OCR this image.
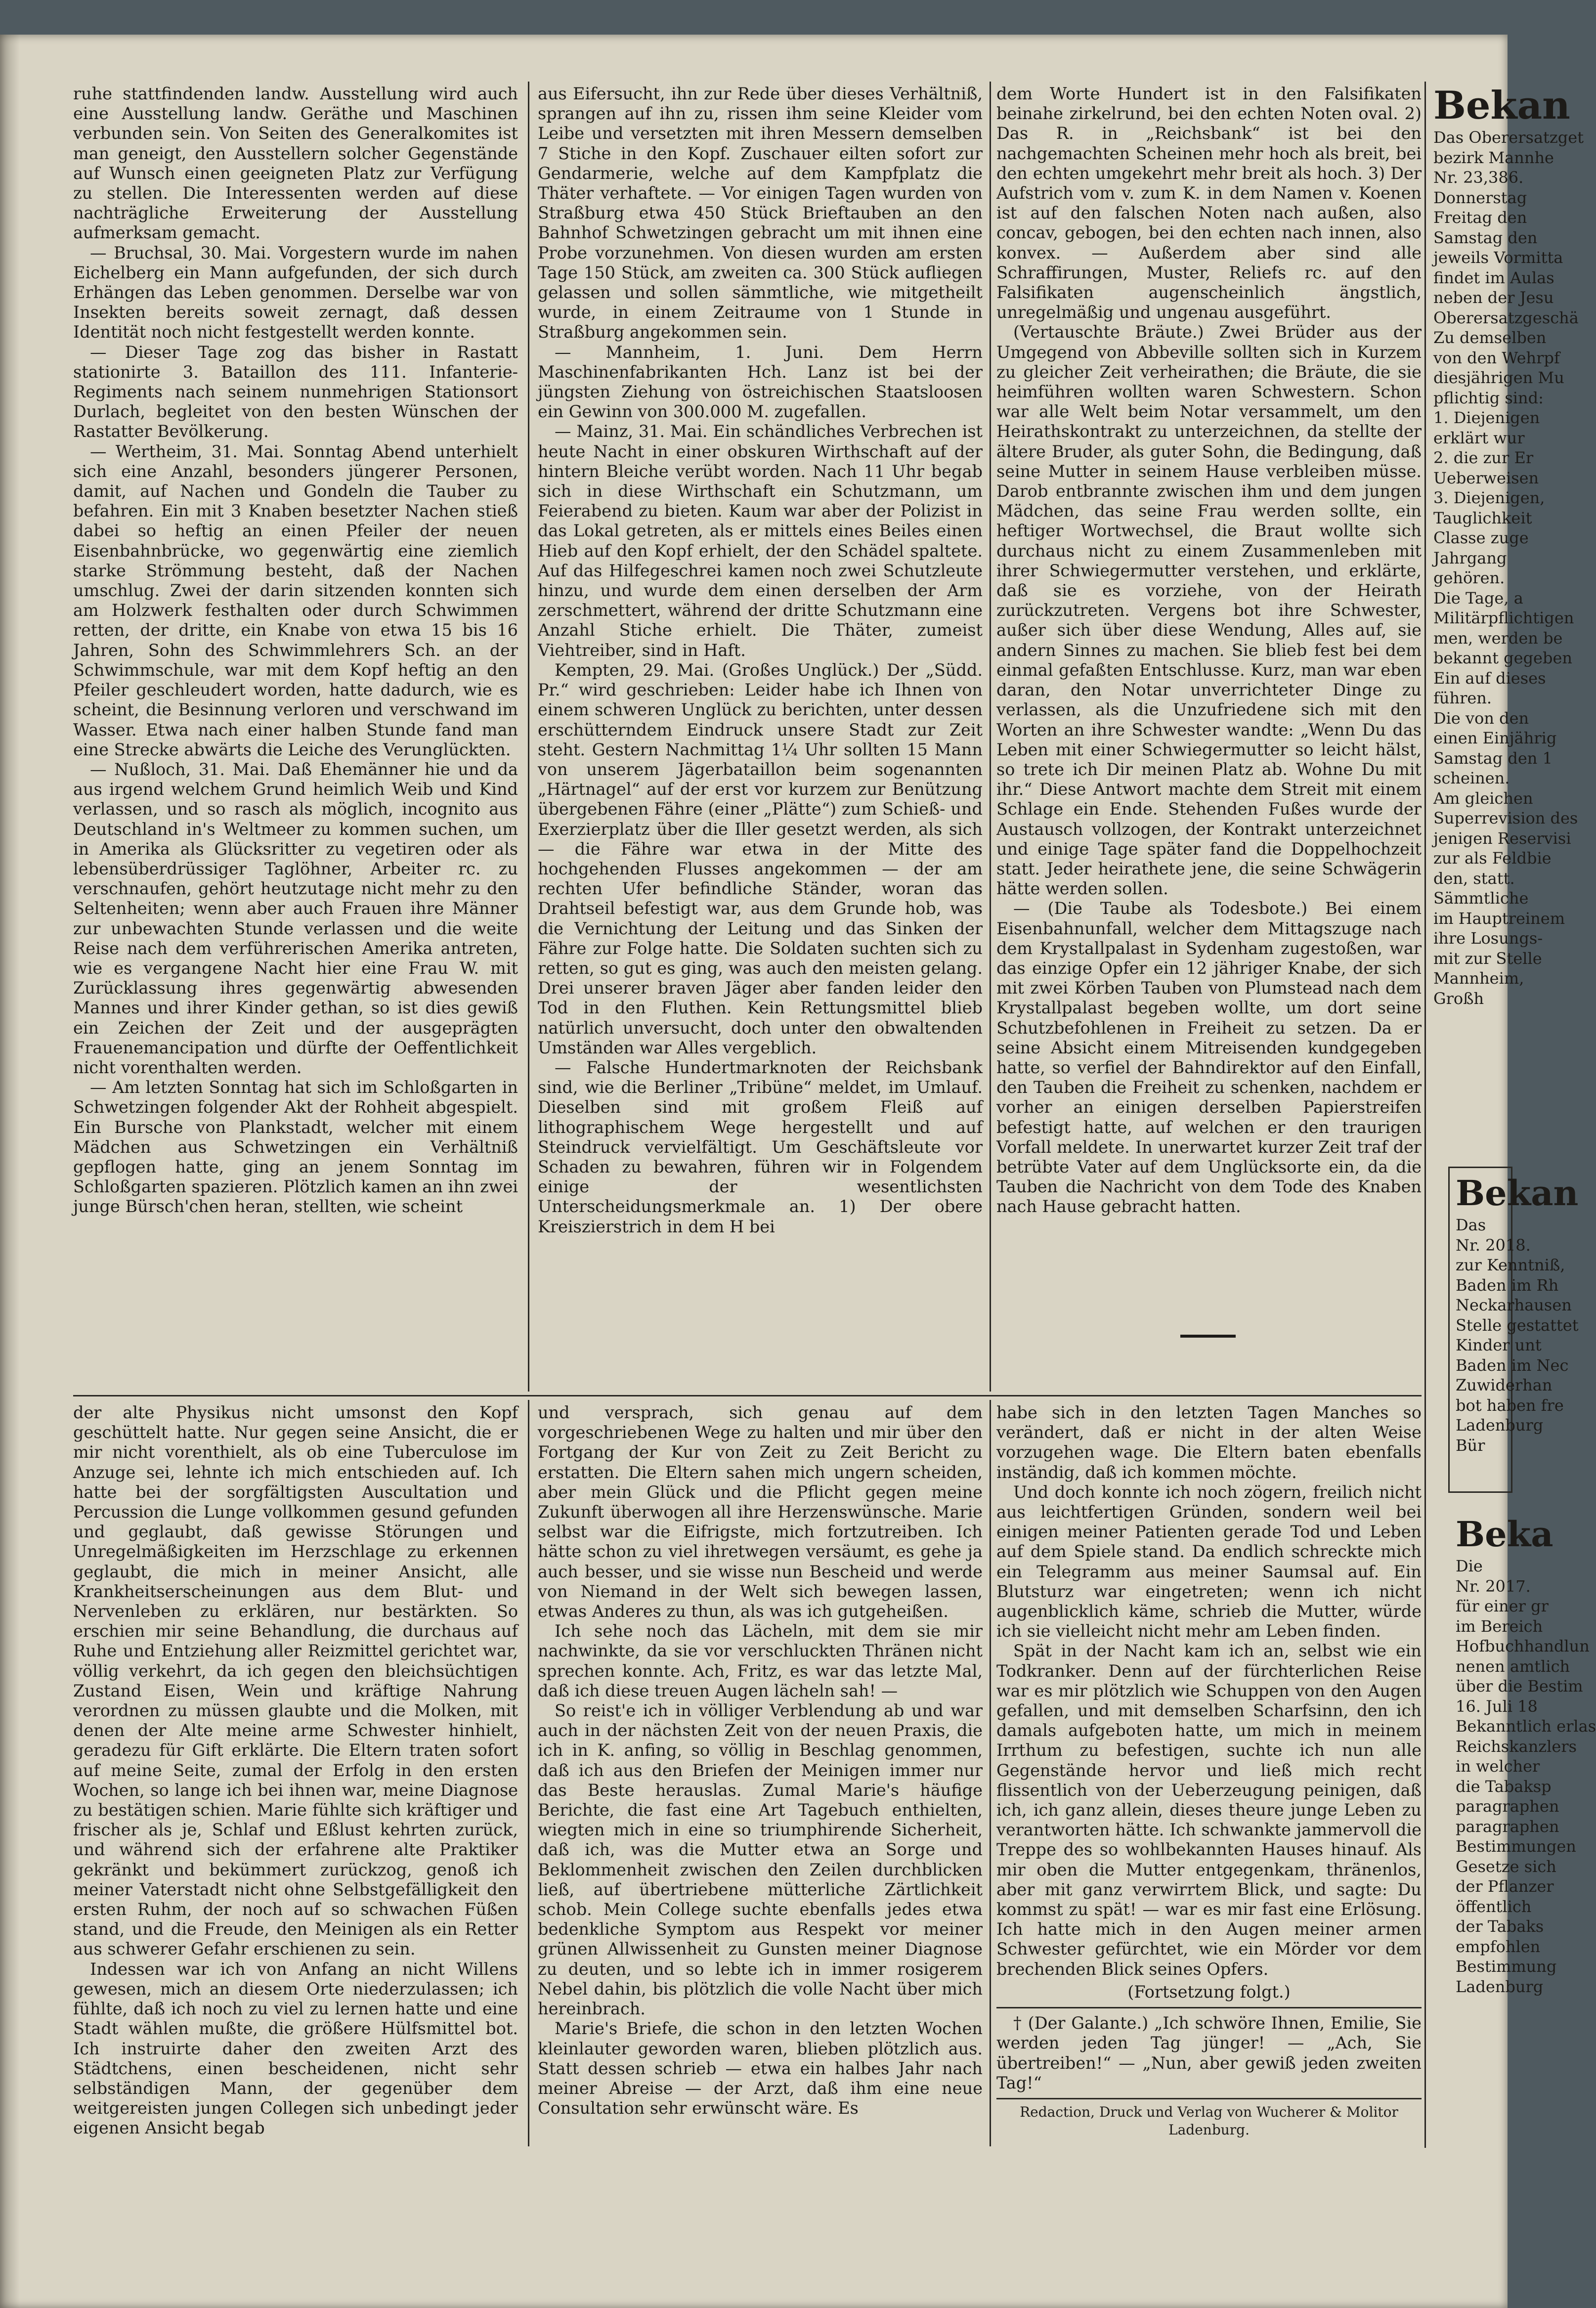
ruhe stattfindenden landw. Ausstellung wird auch eine Ausstellung landw. Geräthe und Maschinen verbunden sein. Von Seiten des Generalkomites ist man geneigt, den Ausstellern solcher Gegenstände auf Wunsch einen geeigneten Platz zur Verfügung zu stellen. Die Interessenten werden auf diese nachträgliche Erweiterung der Ausstellung aufmerksam gemacht.

— Bruchsal, 30. Mai. Vorgestern wurde im nahen Eichelberg ein Mann aufgefunden, der sich durch Erhängen das Leben genommen. Derselbe war von Insekten bereits soweit zernagt, daß dessen Identität noch nicht festgestellt werden konnte.

— Dieser Tage zog das bisher in Rastatt stationirte 3. Bataillon des 111. Infanterie-Regiments nach seinem nunmehrigen Stationsort Durlach, begleitet von den besten Wünschen der Rastatter Bevölkerung.

— Wertheim, 31. Mai. Sonntag Abend unterhielt sich eine Anzahl, besonders jüngerer Personen, damit, auf Nachen und Gondeln die Tauber zu befahren. Ein mit 3 Knaben besetzter Nachen stieß dabei so heftig an einen Pfeiler der neuen Eisenbahnbrücke, wo gegenwärtig eine ziemlich starke Strömmung besteht, daß der Nachen umschlug. Zwei der darin sitzenden konnten sich am Holzwerk festhalten oder durch Schwimmen retten, der dritte, ein Knabe von etwa 15 bis 16 Jahren, Sohn des Schwimmlehrers Sch. an der Schwimmschule, war mit dem Kopf heftig an den Pfeiler geschleudert worden, hatte dadurch, wie es scheint, die Besinnung verloren und verschwand im Wasser. Etwa nach einer halben Stunde fand man eine Strecke abwärts die Leiche des Verunglückten.

— Nußloch, 31. Mai. Daß Ehemänner hie und da aus irgend welchem Grund heimlich Weib und Kind verlassen, und so rasch als möglich, incognito aus Deutschland in's Weltmeer zu kommen suchen, um in Amerika als Glücksritter zu vegetiren oder als lebensüberdrüssiger Taglöhner, Arbeiter rc. zu verschnaufen, gehört heutzutage nicht mehr zu den Seltenheiten; wenn aber auch Frauen ihre Männer zur unbewachten Stunde verlassen und die weite Reise nach dem verführerischen Amerika antreten, wie es vergangene Nacht hier eine Frau W. mit Zurücklassung ihres gegenwärtig abwesenden Mannes und ihrer Kinder gethan, so ist dies gewiß ein Zeichen der Zeit und der ausgeprägten Frauenemancipation und dürfte der Oeffentlichkeit nicht vorenthalten werden.

— Am letzten Sonntag hat sich im Schloßgarten in Schwetzingen folgender Akt der Rohheit abgespielt. Ein Bursche von Plankstadt, welcher mit einem Mädchen aus Schwetzingen ein Verhältniß gepflogen hatte, ging an jenem Sonntag im Schloßgarten spazieren. Plötzlich kamen an ihn zwei junge Bürsch'chen heran, stellten, wie scheint

aus Eifersucht, ihn zur Rede über dieses Verhältniß, sprangen auf ihn zu, rissen ihm seine Kleider vom Leibe und versetzten mit ihren Messern demselben 7 Stiche in den Kopf. Zuschauer eilten sofort zur Gendarmerie, welche auf dem Kampfplatz die Thäter verhaftete. — Vor einigen Tagen wurden von Straßburg etwa 450 Stück Brieftauben an den Bahnhof Schwetzingen gebracht um mit ihnen eine Probe vorzunehmen. Von diesen wurden am ersten Tage 150 Stück, am zweiten ca. 300 Stück aufliegen gelassen und sollen sämmtliche, wie mitgetheilt wurde, in einem Zeitraume von 1 Stunde in Straßburg angekommen sein.

— Mannheim, 1. Juni. Dem Herrn Maschinenfabrikanten Hch. Lanz ist bei der jüngsten Ziehung von östreichischen Staatsloosen ein Gewinn von 300.000 M. zugefallen.

— Mainz, 31. Mai. Ein schändliches Verbrechen ist heute Nacht in einer obskuren Wirthschaft auf der hintern Bleiche verübt worden. Nach 11 Uhr begab sich in diese Wirthschaft ein Schutzmann, um Feierabend zu bieten. Kaum war aber der Polizist in das Lokal getreten, als er mittels eines Beiles einen Hieb auf den Kopf erhielt, der den Schädel spaltete. Auf das Hilfegeschrei kamen noch zwei Schutzleute hinzu, und wurde dem einen derselben der Arm zerschmettert, während der dritte Schutzmann eine Anzahl Stiche erhielt. Die Thäter, zumeist Viehtreiber, sind in Haft.

Kempten, 29. Mai. (Großes Unglück.) Der „Südd. Pr.“ wird geschrieben: Leider habe ich Ihnen von einem schweren Unglück zu berichten, unter dessen erschütterndem Eindruck unsere Stadt zur Zeit steht. Gestern Nachmittag 1¼ Uhr sollten 15 Mann von unserem Jägerbataillon beim sogenannten „Härtnagel“ auf der erst vor kurzem zur Benützung übergebenen Fähre (einer „Plätte“) zum Schieß- und Exerzierplatz über die Iller gesetzt werden, als sich — die Fähre war etwa in der Mitte des hochgehenden Flusses angekommen — der am rechten Ufer befindliche Ständer, woran das Drahtseil befestigt war, aus dem Grunde hob, was die Vernichtung der Leitung und das Sinken der Fähre zur Folge hatte. Die Soldaten suchten sich zu retten, so gut es ging, was auch den meisten gelang. Drei unserer braven Jäger aber fanden leider den Tod in den Fluthen. Kein Rettungsmittel blieb natürlich unversucht, doch unter den obwaltenden Umständen war Alles vergeblich.

— Falsche Hundertmarknoten der Reichsbank sind, wie die Berliner „Tribüne“ meldet, im Umlauf. Dieselben sind mit großem Fleiß auf lithographischem Wege hergestellt und auf Steindruck vervielfältigt. Um Geschäftsleute vor Schaden zu bewahren, führen wir in Folgendem einige der wesentlichsten Unterscheidungsmerkmale an. 1) Der obere Kreiszierstrich in dem H bei

dem Worte Hundert ist in den Falsifikaten beinahe zirkelrund, bei den echten Noten oval. 2) Das R. in „Reichsbank“ ist bei den nachgemachten Scheinen mehr hoch als breit, bei den echten umgekehrt mehr breit als hoch. 3) Der Aufstrich vom v. zum K. in dem Namen v. Koenen ist auf den falschen Noten nach außen, also concav, gebogen, bei den echten nach innen, also konvex. — Außerdem aber sind alle Schraffirungen, Muster, Reliefs rc. auf den Falsifikaten augenscheinlich ängstlich, unregelmäßig und ungenau ausgeführt.

(Vertauschte Bräute.) Zwei Brüder aus der Umgegend von Abbeville sollten sich in Kurzem zu gleicher Zeit verheirathen; die Bräute, die sie heimführen wollten waren Schwestern. Schon war alle Welt beim Notar versammelt, um den Heirathskontrakt zu unterzeichnen, da stellte der ältere Bruder, als guter Sohn, die Bedingung, daß seine Mutter in seinem Hause verbleiben müsse. Darob entbrannte zwischen ihm und dem jungen Mädchen, das seine Frau werden sollte, ein heftiger Wortwechsel, die Braut wollte sich durchaus nicht zu einem Zusammenleben mit ihrer Schwiegermutter verstehen, und erklärte, daß sie es vorziehe, von der Heirath zurückzutreten. Vergens bot ihre Schwester, außer sich über diese Wendung, Alles auf, sie andern Sinnes zu machen. Sie blieb fest bei dem einmal gefaßten Entschlusse. Kurz, man war eben daran, den Notar unverrichteter Dinge zu verlassen, als die Unzufriedene sich mit den Worten an ihre Schwester wandte: „Wenn Du das Leben mit einer Schwiegermutter so leicht hälst, so trete ich Dir meinen Platz ab. Wohne Du mit ihr.“ Diese Antwort machte dem Streit mit einem Schlage ein Ende. Stehenden Fußes wurde der Austausch vollzogen, der Kontrakt unterzeichnet und einige Tage später fand die Doppelhochzeit statt. Jeder heirathete jene, die seine Schwägerin hätte werden sollen.

— (Die Taube als Todesbote.) Bei einem Eisenbahnunfall, welcher dem Mittagszuge nach dem Krystallpalast in Sydenham zugestoßen, war das einzige Opfer ein 12 jähriger Knabe, der sich mit zwei Körben Tauben von Plumstead nach dem Krystallpalast begeben wollte, um dort seine Schutzbefohlenen in Freiheit zu setzen. Da er seine Absicht einem Mitreisenden kundgegeben hatte, so verfiel der Bahndirektor auf den Einfall, den Tauben die Freiheit zu schenken, nachdem er vorher an einigen derselben Papierstreifen befestigt hatte, auf welchen er den traurigen Vorfall meldete. In unerwartet kurzer Zeit traf der betrübte Vater auf dem Unglücksorte ein, da die Tauben die Nachricht von dem Tode des Knaben nach Hause gebracht hatten.

der alte Physikus nicht umsonst den Kopf geschüttelt hatte. Nur gegen seine Ansicht, die er mir nicht vorenthielt, als ob eine Tuberculose im Anzuge sei, lehnte ich mich entschieden auf. Ich hatte bei der sorgfältigsten Auscultation und Percussion die Lunge vollkommen gesund gefunden und geglaubt, daß gewisse Störungen und Unregelmäßigkeiten im Herzschlage zu erkennen geglaubt, die mich in meiner Ansicht, alle Krankheitserscheinungen aus dem Blut- und Nervenleben zu erklären, nur bestärkten. So erschien mir seine Behandlung, die durchaus auf Ruhe und Entziehung aller Reizmittel gerichtet war, völlig verkehrt, da ich gegen den bleichsüchtigen Zustand Eisen, Wein und kräftige Nahrung verordnen zu müssen glaubte und die Molken, mit denen der Alte meine arme Schwester hinhielt, geradezu für Gift erklärte. Die Eltern traten sofort auf meine Seite, zumal der Erfolg in den ersten Wochen, so lange ich bei ihnen war, meine Diagnose zu bestätigen schien. Marie fühlte sich kräftiger und frischer als je, Schlaf und Eßlust kehrten zurück, und während sich der erfahrene alte Praktiker gekränkt und bekümmert zurückzog, genoß ich meiner Vaterstadt nicht ohne Selbstgefälligkeit den ersten Ruhm, der noch auf so schwachen Füßen stand, und die Freude, den Meinigen als ein Retter aus schwerer Gefahr erschienen zu sein.

Indessen war ich von Anfang an nicht Willens gewesen, mich an diesem Orte niederzulassen; ich fühlte, daß ich noch zu viel zu lernen hatte und eine Stadt wählen mußte, die größere Hülfsmittel bot. Ich instruirte daher den zweiten Arzt des Städtchens, einen bescheidenen, nicht sehr selbständigen Mann, der gegenüber dem weitgereisten jungen Collegen sich unbedingt jeder eigenen Ansicht begab

und versprach, sich genau auf dem vorgeschriebenen Wege zu halten und mir über den Fortgang der Kur von Zeit zu Zeit Bericht zu erstatten. Die Eltern sahen mich ungern scheiden, aber mein Glück und die Pflicht gegen meine Zukunft überwogen all ihre Herzenswünsche. Marie selbst war die Eifrigste, mich fortzutreiben. Ich hätte schon zu viel ihretwegen versäumt, es gehe ja auch besser, und sie wisse nun Bescheid und werde von Niemand in der Welt sich bewegen lassen, etwas Anderes zu thun, als was ich gutgeheißen.

Ich sehe noch das Lächeln, mit dem sie mir nachwinkte, da sie vor verschluckten Thränen nicht sprechen konnte. Ach, Fritz, es war das letzte Mal, daß ich diese treuen Augen lächeln sah! —

So reist'e ich in völliger Verblendung ab und war auch in der nächsten Zeit von der neuen Praxis, die ich in K. anfing, so völlig in Beschlag genommen, daß ich aus den Briefen der Meinigen immer nur das Beste herauslas. Zumal Marie's häufige Berichte, die fast eine Art Tagebuch enthielten, wiegten mich in eine so triumphirende Sicherheit, daß ich, was die Mutter etwa an Sorge und Beklommenheit zwischen den Zeilen durchblicken ließ, auf übertriebene mütterliche Zärtlichkeit schob. Mein College suchte ebenfalls jedes etwa bedenkliche Symptom aus Respekt vor meiner grünen Allwissenheit zu Gunsten meiner Diagnose zu deuten, und so lebte ich in immer rosigerem Nebel dahin, bis plötzlich die volle Nacht über mich hereinbrach.

Marie's Briefe, die schon in den letzten Wochen kleinlauter geworden waren, blieben plötzlich aus. Statt dessen schrieb — etwa ein halbes Jahr nach meiner Abreise — der Arzt, daß ihm eine neue Consultation sehr erwünscht wäre. Es

habe sich in den letzten Tagen Manches so verändert, daß er nicht in der alten Weise vorzugehen wage. Die Eltern baten ebenfalls inständig, daß ich kommen möchte.

Und doch konnte ich noch zögern, freilich nicht aus leichtfertigen Gründen, sondern weil bei einigen meiner Patienten gerade Tod und Leben auf dem Spiele stand. Da endlich schreckte mich ein Telegramm aus meiner Saumsal auf. Ein Blutsturz war eingetreten; wenn ich nicht augenblicklich käme, schrieb die Mutter, würde ich sie vielleicht nicht mehr am Leben finden.

Spät in der Nacht kam ich an, selbst wie ein Todkranker. Denn auf der fürchterlichen Reise war es mir plötzlich wie Schuppen von den Augen gefallen, und mit demselben Scharfsinn, den ich damals aufgeboten hatte, um mich in meinem Irrthum zu befestigen, suchte ich nun alle Gegenstände hervor und ließ mich recht flissentlich von der Ueberzeugung peinigen, daß ich, ich ganz allein, dieses theure junge Leben zu verantworten hätte. Ich schwankte jammervoll die Treppe des so wohlbekannten Hauses hinauf. Als mir oben die Mutter entgegenkam, thränenlos, aber mit ganz verwirrtem Blick, und sagte: Du kommst zu spät! — war es mir fast eine Erlösung. Ich hatte mich in den Augen meiner armen Schwester gefürchtet, wie ein Mörder vor dem brechenden Blick seines Opfers.

(Fortsetzung folgt.)

† (Der Galante.) „Ich schwöre Ihnen, Emilie, Sie werden jeden Tag jünger! — „Ach, Sie übertreiben!“ — „Nun, aber gewiß jeden zweiten Tag!“

Redaction, Druck und Verlag von Wucherer & Molitor

Ladenburg.

Bekan

Das Oberersatzget

bezirk Mannhe

Nr. 23,386.

Donnerstag

Freitag den

Samstag den

jeweils Vormitta

findet im Aulas

neben der Jesu

Oberersatzgeschä

Zu demselben

von den Wehrpf

diesjährigen Mu

pflichtig sind:

1. Diejenigen

erklärt wur

2. die zur Er

Ueberweisen

3. Diejenigen,

Tauglichkeit

Classe zuge

Jahrgang

gehören.

Die Tage, a

Militärpflichtigen

men, werden be

bekannt gegeben

Ein auf dieses

führen.

Die von den

einen Einjährig

Samstag den 1

scheinen.

Am gleichen

Superrevision des

jenigen Reservisi

zur als Feldbie

den, statt.

Sämmtliche

im Hauptreinem

ihre Losungs-

mit zur Stelle

Mannheim,

Großh

Bekan

Das

Nr. 2018.

zur Kenntniß,

Baden im Rh

Neckarhausen

Stelle gestattet

Kinder unt

Baden im Nec

Zuwiderhan

bot haben fre

Ladenburg

Bür

Beka

Die

Nr. 2017.

für einer gr

im Bereich

Hofbuchhandlun

nenen amtlich

über die Bestim

16. Juli 18

Bekanntlich erlas

Reichskanzlers

in welcher

die Tabaksp

paragraphen

paragraphen

Bestimmungen

Gesetze sich

der Pflanzer

öffentlich

der Tabaks

empfohlen

Bestimmung

Ladenburg
